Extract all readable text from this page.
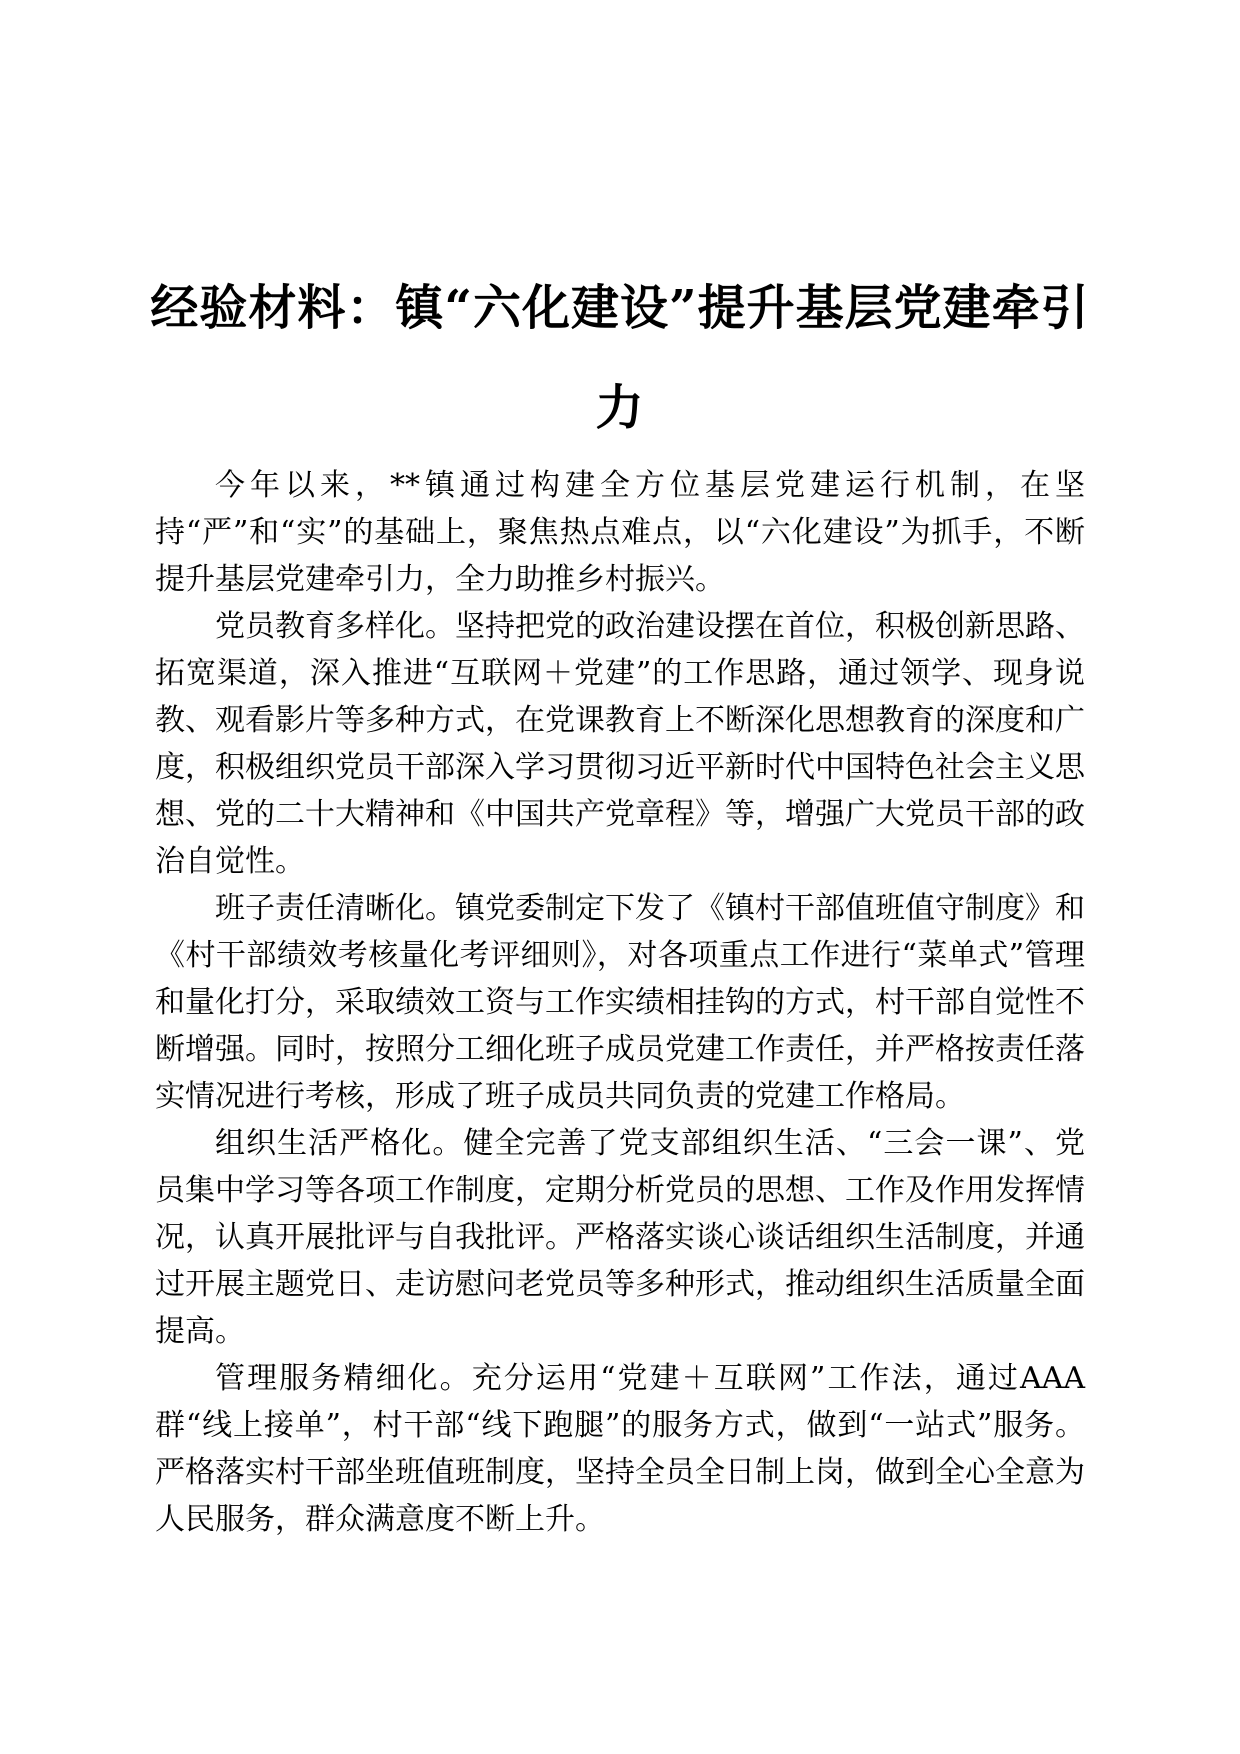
经验材料：镇“六化建设”提升基层党建牵引
力

今年以来，**镇通过构建全方位基层党建运行机制，在坚持“严”和“实”的基础上，聚焦热点难点，以“六化建设”为抓手，不断提升基层党建牵引力，全力助推乡村振兴。

党员教育多样化。坚持把党的政治建设摆在首位，积极创新思路、拓宽渠道，深入推进“互联网＋党建”的工作思路，通过领学、现身说教、观看影片等多种方式，在党课教育上不断深化思想教育的深度和广度，积极组织党员干部深入学习贯彻习近平新时代中国特色社会主义思想、党的二十大精神和《中国共产党章程》等，增强广大党员干部的政治自觉性。

班子责任清晰化。镇党委制定下发了《镇村干部值班值守制度》和《村干部绩效考核量化考评细则》，对各项重点工作进行“菜单式”管理和量化打分，采取绩效工资与工作实绩相挂钩的方式，村干部自觉性不断增强。同时，按照分工细化班子成员党建工作责任，并严格按责任落实情况进行考核，形成了班子成员共同负责的党建工作格局。

组织生活严格化。健全完善了党支部组织生活、“三会一课”、党员集中学习等各项工作制度，定期分析党员的思想、工作及作用发挥情况，认真开展批评与自我批评。严格落实谈心谈话组织生活制度，并通过开展主题党日、走访慰问老党员等多种形式，推动组织生活质量全面提高。

管理服务精细化。充分运用“党建＋互联网”工作法，通过AAA群“线上接单”，村干部“线下跑腿”的服务方式，做到“一站式”服务。严格落实村干部坐班值班制度，坚持全员全日制上岗，做到全心全意为人民服务，群众满意度不断上升。
